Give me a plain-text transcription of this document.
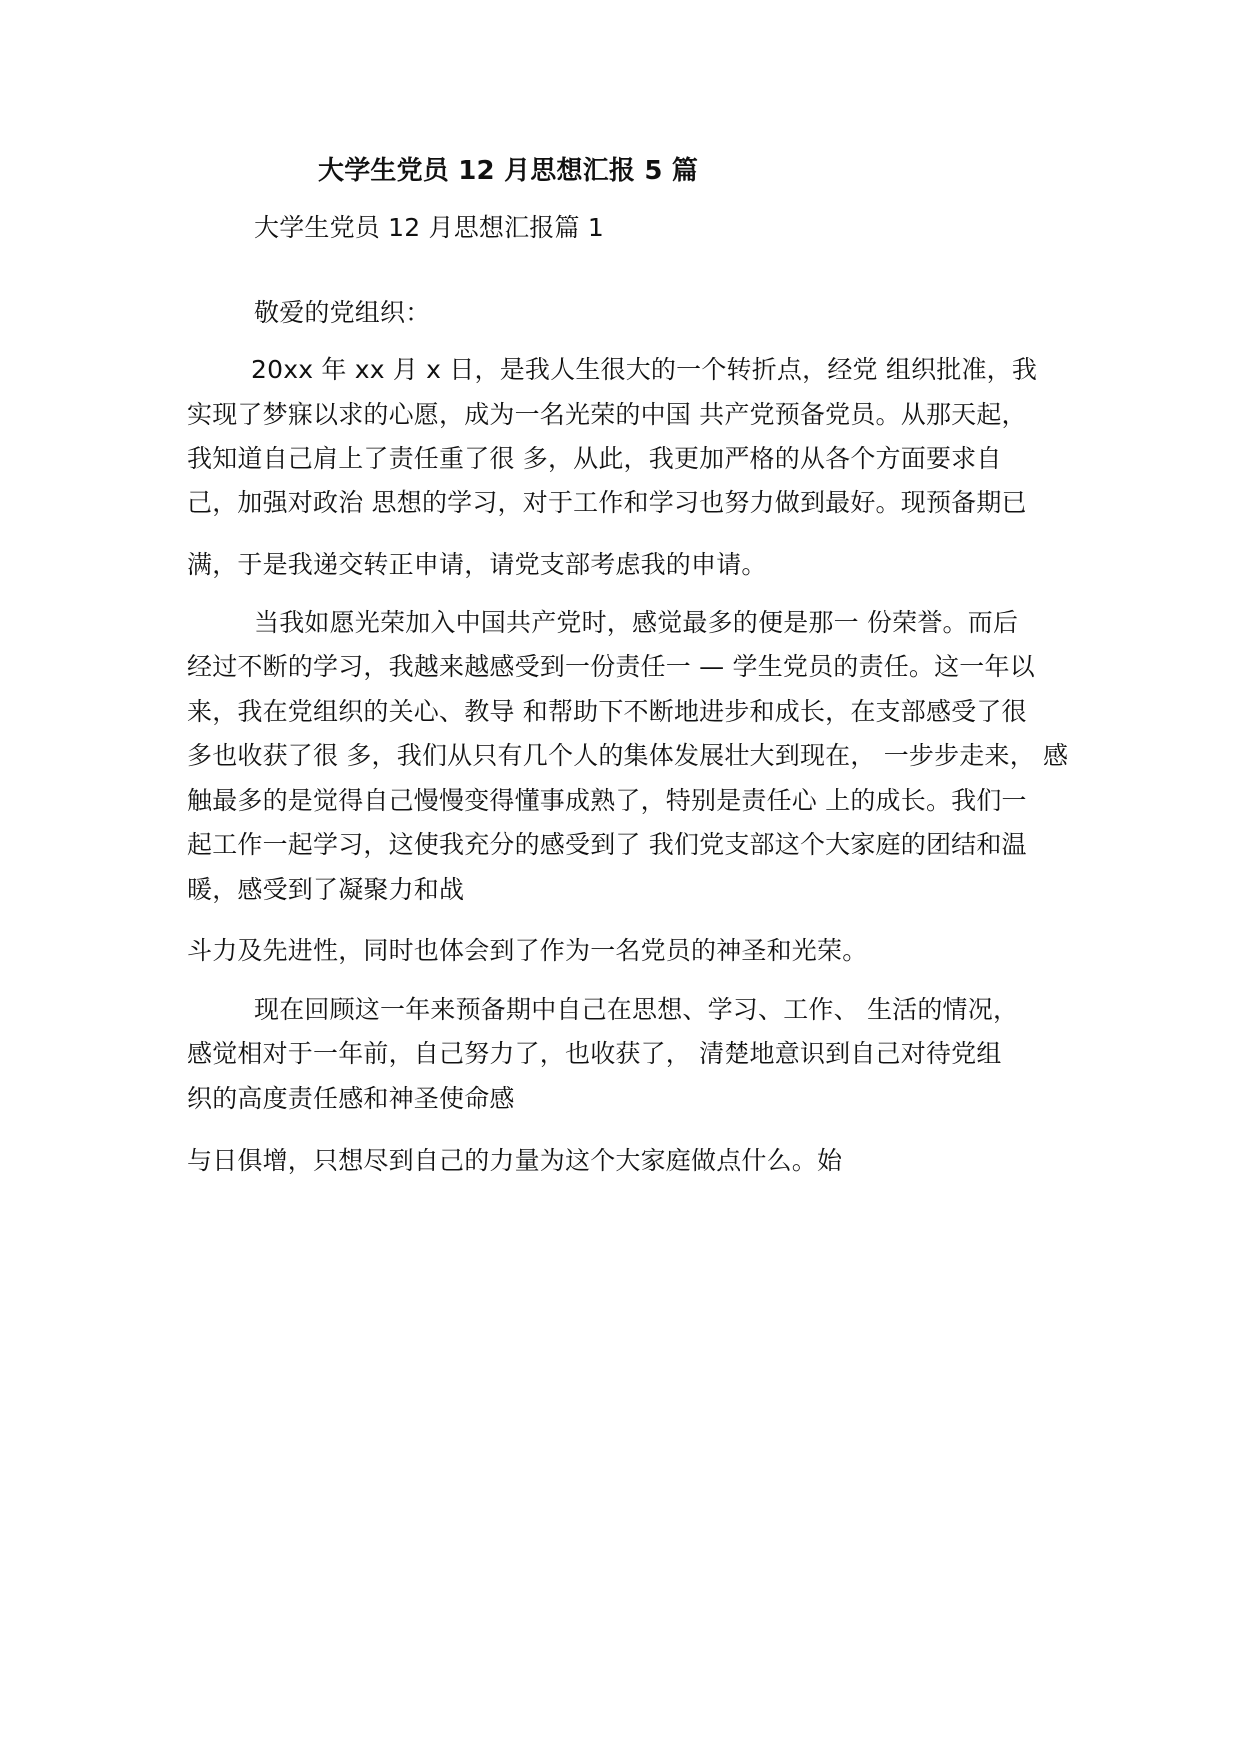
大学生党员 12 月思想汇报 5 篇
大学生党员 12 月思想汇报篇 1
敬爱的党组织：
20xx 年 xx 月 x 日，是我人生很大的一个转折点，经党 组织批准，我
实现了梦寐以求的心愿，成为一名光荣的中国 共产党预备党员。从那天起，
我知道自己肩上了责任重了很 多，从此，我更加严格的从各个方面要求自
己，加强对政治 思想的学习，对于工作和学习也努力做到最好。现预备期已
满，于是我递交转正申请，请党支部考虑我的申请。
当我如愿光荣加入中国共产党时，感觉最多的便是那一 份荣誉。而后
经过不断的学习，我越来越感受到一份责任一 — 学生党员的责任。这一年以
来，我在党组织的关心、教导 和帮助下不断地进步和成长，在支部感受了很
多也收获了很 多，我们从只有几个人的集体发展壮大到现在， 一步步走来， 感
触最多的是觉得自己慢慢变得懂事成熟了，特别是责任心 上的成长。我们一
起工作一起学习，这使我充分的感受到了 我们党支部这个大家庭的团结和温
暖，感受到了凝聚力和战
斗力及先进性，同时也体会到了作为一名党员的神圣和光荣。
现在回顾这一年来预备期中自己在思想、学习、工作、 生活的情况，
感觉相对于一年前，自己努力了，也收获了， 清楚地意识到自己对待党组
织的高度责任感和神圣使命感
与日俱增，只想尽到自己的力量为这个大家庭做点什么。始
